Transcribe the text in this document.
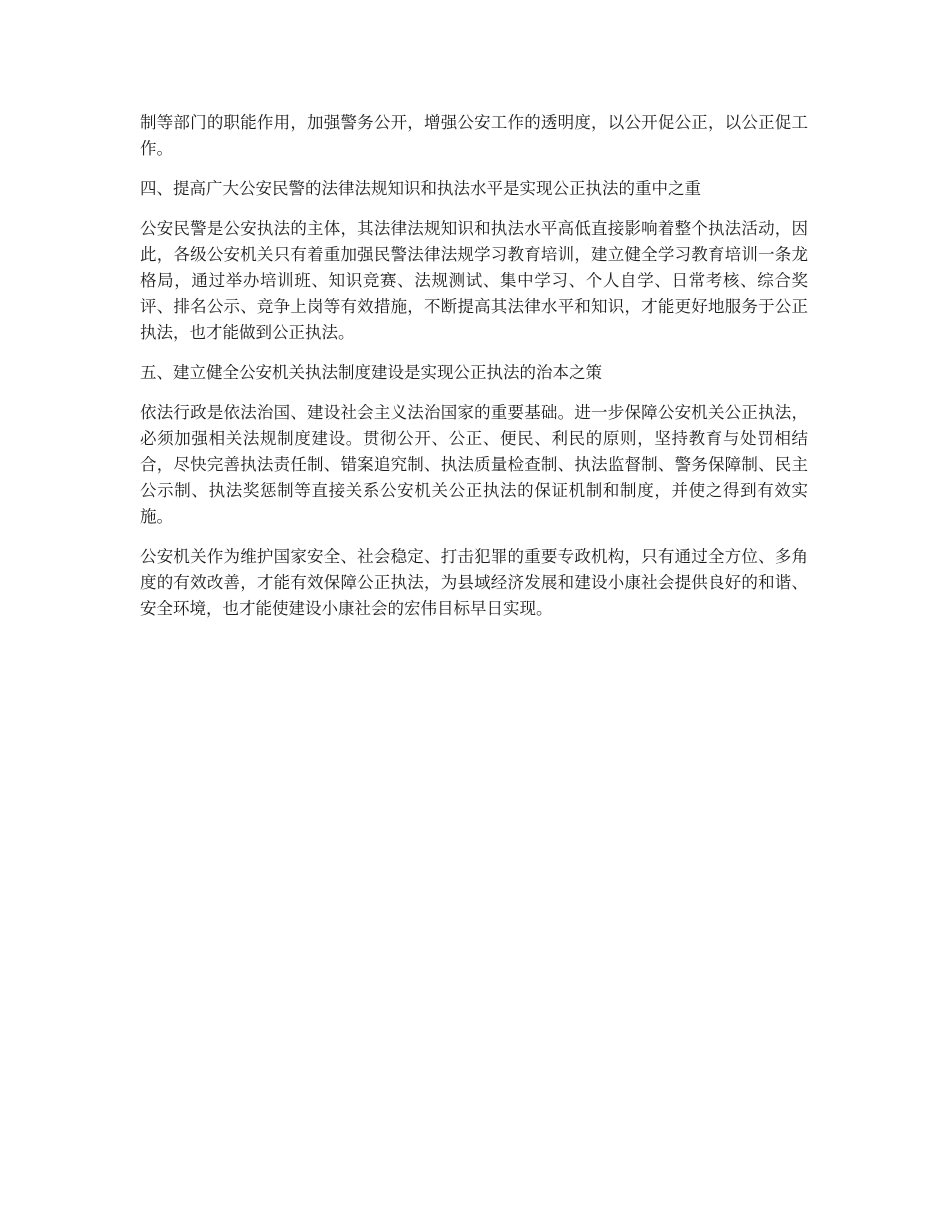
制等部门的职能作用，加强警务公开，增强公安工作的透明度，以公开促公正，以公正促工作。

四、提高广大公安民警的法律法规知识和执法水平是实现公正执法的重中之重

公安民警是公安执法的主体，其法律法规知识和执法水平高低直接影响着整个执法活动，因此，各级公安机关只有着重加强民警法律法规学习教育培训，建立健全学习教育培训一条龙格局，通过举办培训班、知识竞赛、法规测试、集中学习、个人自学、日常考核、综合奖评、排名公示、竞争上岗等有效措施，不断提高其法律水平和知识，才能更好地服务于公正执法，也才能做到公正执法。

五、建立健全公安机关执法制度建设是实现公正执法的治本之策

依法行政是依法治国、建设社会主义法治国家的重要基础。进一步保障公安机关公正执法，必须加强相关法规制度建设。贯彻公开、公正、便民、利民的原则，坚持教育与处罚相结合，尽快完善执法责任制、错案追究制、执法质量检查制、执法监督制、警务保障制、民主公示制、执法奖惩制等直接关系公安机关公正执法的保证机制和制度，并使之得到有效实施。

公安机关作为维护国家安全、社会稳定、打击犯罪的重要专政机构，只有通过全方位、多角度的有效改善，才能有效保障公正执法，为县域经济发展和建设小康社会提供良好的和谐、安全环境，也才能使建设小康社会的宏伟目标早日实现。
